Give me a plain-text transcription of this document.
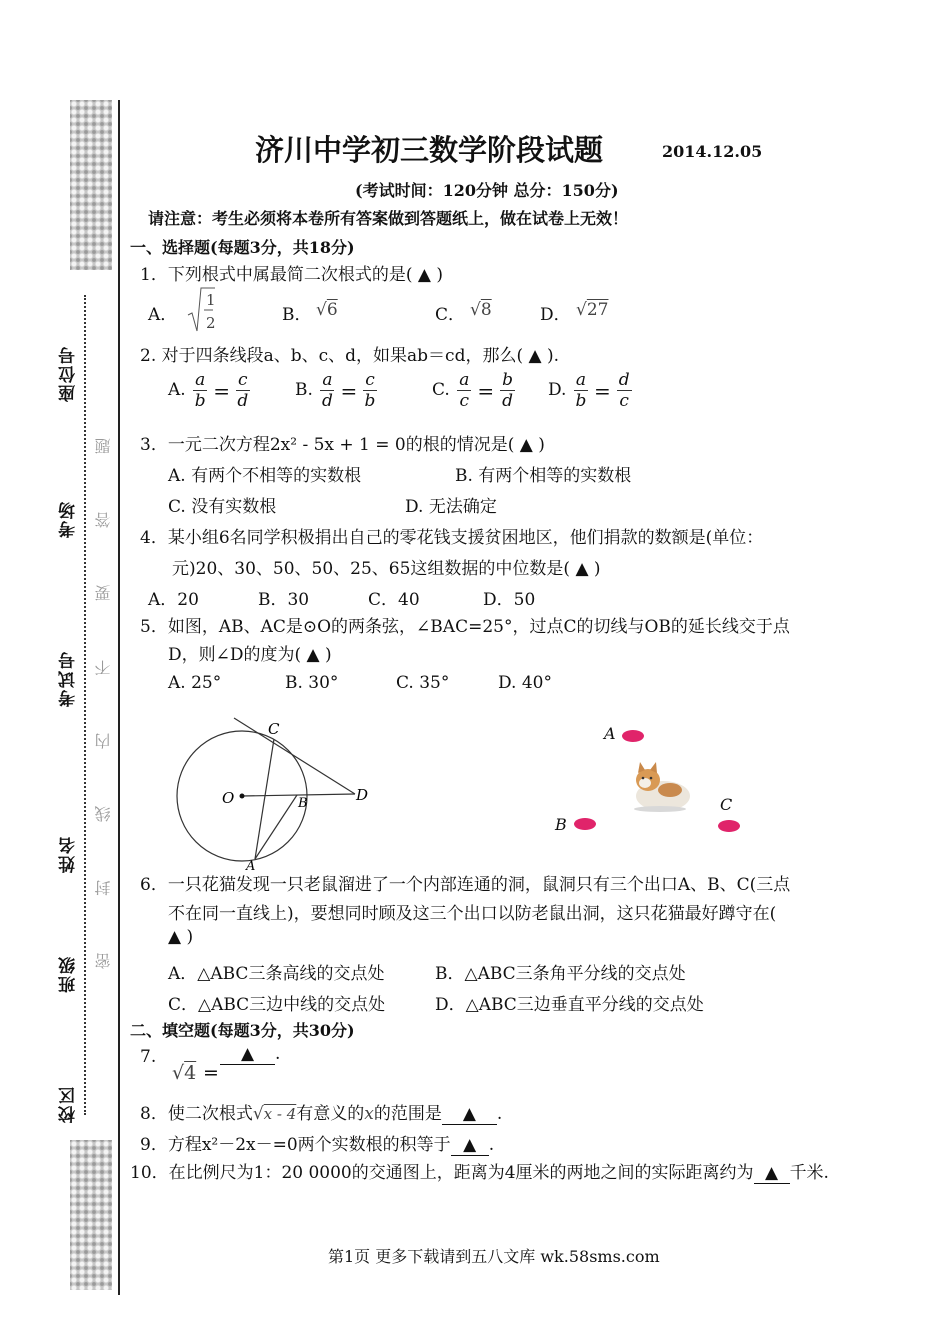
座位号
考场
考试号
姓名
班级
校区
题
答
要
不
内
线
封
密
济川中学初三数学阶段试题	2014.12.05
(考试时间：120分钟 总分：150分)
请注意：考生必须将本卷所有答案做到答题纸上，做在试卷上无效！
一、选择题(每题3分，共18分)
1．下列根式中属最简二次根式的是( ▲ )
A．
1
2	B． √6	C． √8	D． √27
2. 对于四条线段a、b、c、d，如果ab＝cd，那么( ▲ ).
A. $\frac{a}{b} = \frac{c}{d}$	B. $\frac{a}{d} = \frac{c}{b}$	C. $\frac{a}{c} = \frac{b}{d} D$. $\frac{a}{b} = \frac{d}{c}$
3．一元二次方程2x² - 5x + 1 = 0的根的情况是( ▲ )
A. 有两个不相等的实数根	B. 有两个相等的实数根
C. 没有实数根	D. 无法确定
4．某小组6名同学积极捐出自己的零花钱支援贫困地区，他们捐款的数额是(单位：
元)20、30、50、50、25、65这组数据的中位数是( ▲ )
A．20	B．30	C．40	D．50
5．如图，AB、AC是⊙O的两条弦，∠BAC=25°，过点C的切线与OB的延长线交于点
D，则∠D的度为( ▲ )
A. 25°	B. 30°	C. 35°	D. 40°
C
O	B	D
A
A
B
C
6．一只花猫发现一只老鼠溜进了一个内部连通的洞，鼠洞只有三个出口A、B、C(三点
不在同一直线上)，要想同时顾及这三个出口以防老鼠出洞，这只花猫最好蹲守在(
▲ )
A．△ABC三条高线的交点处	B．△ABC三条角平分线的交点处
C．△ABC三边中线的交点处	D．△ABC三边垂直平分线的交点处
二、填空题(每题3分，共30分)
7.
√4 =
▲ .
8．使二次根式√x - 4有意义的x的范围是 ▲ .
9．方程x²－2x－=0两个实数根的积等于 ▲ .
10．在比例尺为1：20 0000的交通图上，距离为4厘米的两地之间的实际距离约为 ▲ 千米.
第1页 更多下载请到五八文库 wk.58sms.com
